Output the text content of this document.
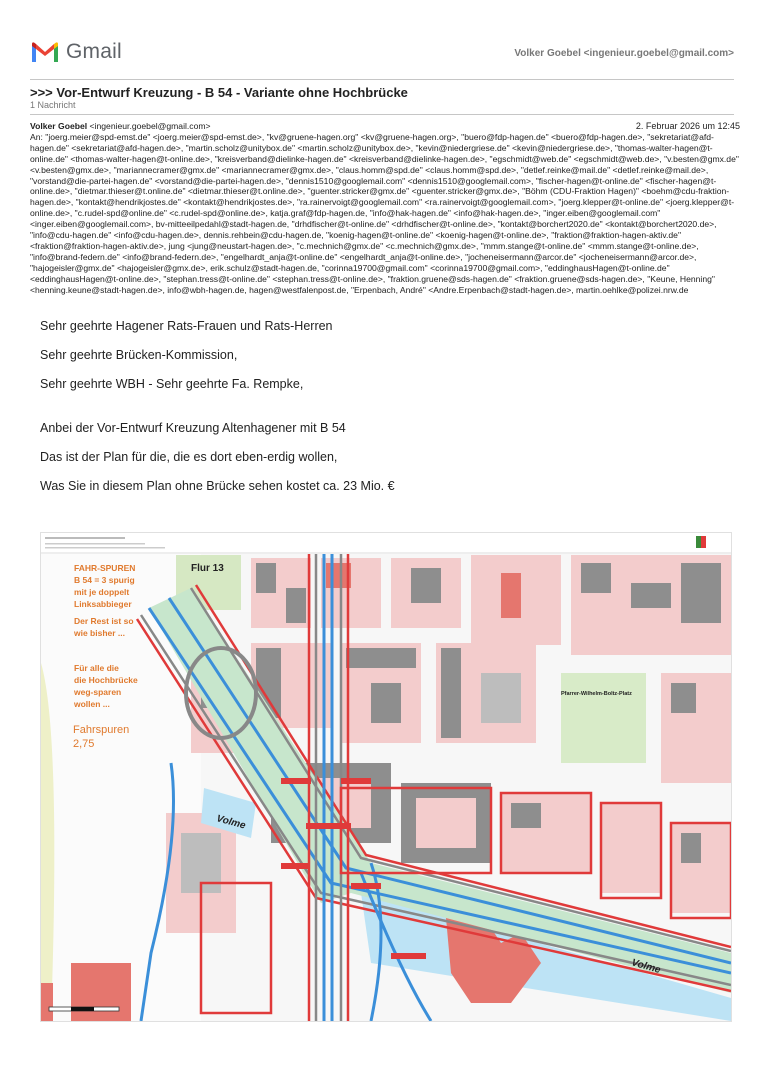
Gmail	Volker Goebel <ingenieur.goebel@gmail.com>
>>> Vor-Entwurf Kreuzung - B 54 - Variante ohne Hochbrücke
1 Nachricht
2. Februar 2026 um 12:45
Volker Goebel <ingenieur.goebel@gmail.com>
An: "joerg.meier@spd-emst.de" <joerg.meier@spd-emst.de>, "kv@gruene-hagen.org" <kv@gruene-hagen.org>, "buero@fdp-hagen.de" <buero@fdp-hagen.de>, "sekretariat@afd-hagen.de" <sekretariat@afd-hagen.de>, "martin.scholz@unitybox.de" <martin.scholz@unitybox.de>, "kevin@niedergriese.de" <kevin@niedergriese.de>, "thomas-walter-hagen@t-online.de" <thomas-walter-hagen@t-online.de>, "kreisverband@dielinke-hagen.de" <kreisverband@dielinke-hagen.de>, "egschmidt@web.de" <egschmidt@web.de>, "v.besten@gmx.de" <v.besten@gmx.de>, "mariannecramer@gmx.de" <mariannecramer@gmx.de>, "claus.homm@spd.de" <claus.homm@spd.de>, "detlef.reinke@mail.de" <detlef.reinke@mail.de>, "vorstand@die-partei-hagen.de" <vorstand@die-partei-hagen.de>, "dennis1510@googlemail.com" <dennis1510@googlemail.com>, "fischer-hagen@t-online.de" <fischer-hagen@t-online.de>, "dietmar.thieser@t.online.de" <dietmar.thieser@t.online.de>, "guenter.stricker@gmx.de" <guenter.stricker@gmx.de>, "Böhm (CDU-Fraktion Hagen)" <boehm@cdu-fraktion-hagen.de>, "kontakt@hendrikjostes.de" <kontakt@hendrikjostes.de>, "ra.rainervoigt@googlemail.com" <ra.rainervoigt@googlemail.com>, "joerg.klepper@t-online.de" <joerg.klepper@t-online.de>, "c.rudel-spd@online.de" <c.rudel-spd@online.de>, katja.graf@fdp-hagen.de, "info@hak-hagen.de" <info@hak-hagen.de>, "inger.eiben@googlemail.com" <inger.eiben@googlemail.com>, bv-mitteeilpedahl@stadt-hagen.de, "drhdfischer@t-online.de" <drhdfischer@t-online.de>, "kontakt@borchert2020.de" <kontakt@borchert2020.de>, "info@cdu-hagen.de" <info@cdu-hagen.de>, dennis.rehbein@cdu-hagen.de, "koenig-hagen@t-online.de" <koenig-hagen@t-online.de>, "fraktion@fraktion-hagen-aktiv.de" <fraktion@fraktion-hagen-aktiv.de>, jung <jung@neustart-hagen.de>, "c.mechnich@gmx.de" <c.mechnich@gmx.de>, "mmm.stange@t-online.de" <mmm.stange@t-online.de>, "info@brand-federn.de" <info@brand-federn.de>, "engelhardt_anja@t-online.de" <engelhardt_anja@t-online.de>, "jocheneisermann@arcor.de" <jocheneisermann@arcor.de>, "hajogeisler@gmx.de" <hajogeisler@gmx.de>, erik.schulz@stadt-hagen.de, "corinna19700@gmail.com" <corinna19700@gmail.com>, "eddinghausHagen@t-online.de" <eddinghausHagen@t-online.de>, "stephan.tress@t-online.de" <stephan.tress@t-online.de>, "fraktion.gruene@sds-hagen.de" <fraktion.gruene@sds-hagen.de>, "Keune, Henning" <henning.keune@stadt-hagen.de>, info@wbh-hagen.de, hagen@westfalenpost.de, "Erpenbach, André" <Andre.Erpenbach@stadt-hagen.de>, martin.oehlke@polizei.nrw.de

Sehr geehrte Hagener Rats-Frauen und Rats-Herren

Sehr geehrte Brücken-Kommission,

Sehr geehrte WBH - Sehr geehrte Fa. Rempke,

Anbei der Vor-Entwurf Kreuzung Altenhagener mit B 54

Das ist der Plan für die, die es dort eben-erdig wollen,

Was Sie in diesem Plan ohne Brücke sehen kostet ca. 23 Mio. €

FAHR-SPUREN
B 54 = 3 spurig
mit je doppelt
Linksabbieger
Der Rest ist so
wie bisher ...
Für alle die
die Hochbrücke
weg-sparen
wollen ...
Fahrspuren
2,75
Flur 13
Volme
Volme
Pfarrer-Wilhelm-Boltz-Platz
